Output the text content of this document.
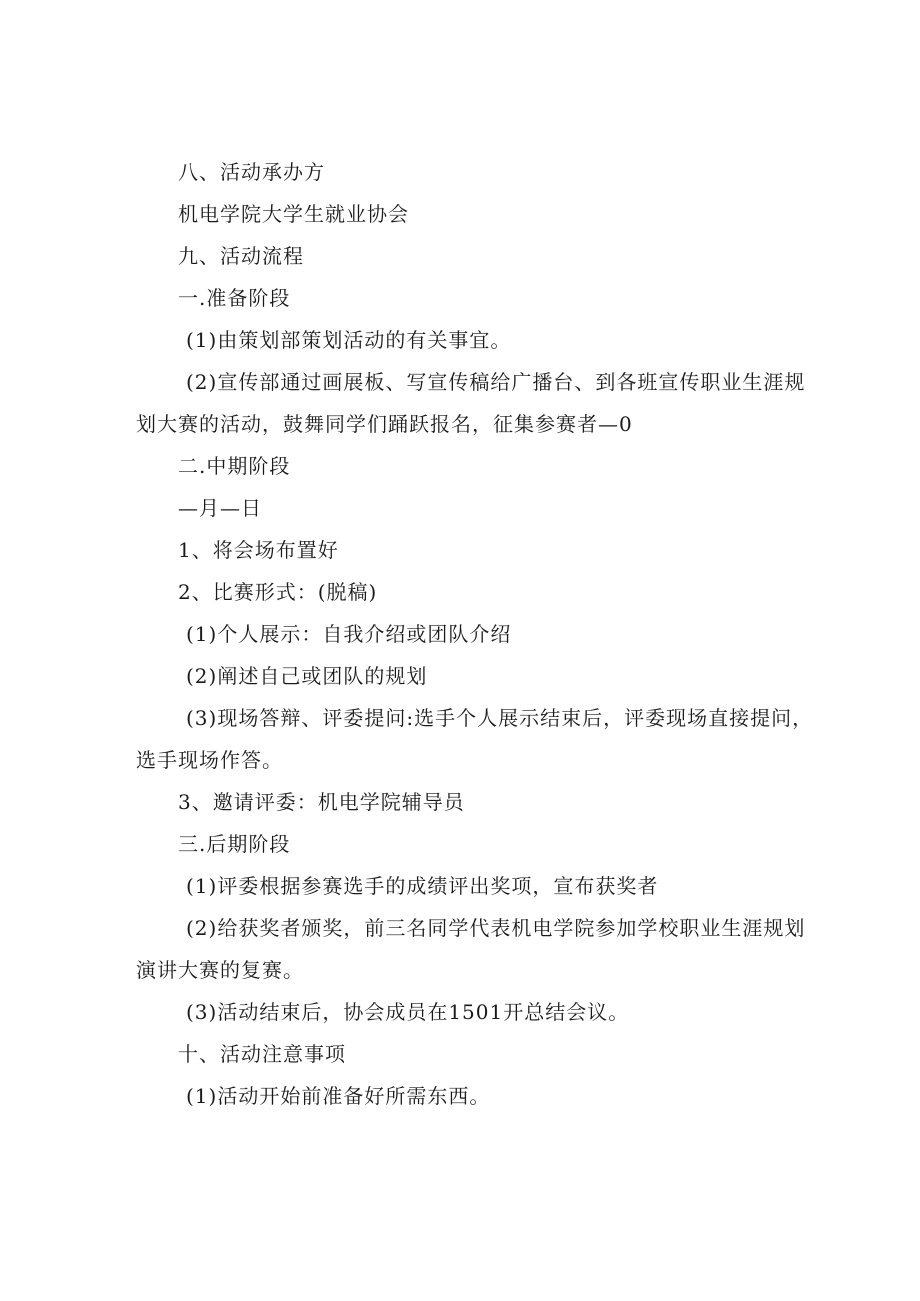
八、活动承办方
机电学院大学生就业协会
九、活动流程
一.准备阶段
(1)由策划部策划活动的有关事宜。
(2)宣传部通过画展板、写宣传稿给广播台、到各班宣传职业生涯规
划大赛的活动，鼓舞同学们踊跃报名，征集参赛者—0
二.中期阶段
—月—日
1、将会场布置好
2、比赛形式：(脱稿)
(1)个人展示：自我介绍或团队介绍
(2)阐述自己或团队的规划
(3)现场答辩、评委提问:选手个人展示结束后，评委现场直接提问，
选手现场作答。
3、邀请评委：机电学院辅导员
三.后期阶段
(1)评委根据参赛选手的成绩评出奖项，宣布获奖者
(2)给获奖者颁奖，前三名同学代表机电学院参加学校职业生涯规划
演讲大赛的复赛。
(3)活动结束后，协会成员在1501开总结会议。
十、活动注意事项
(1)活动开始前准备好所需东西。
